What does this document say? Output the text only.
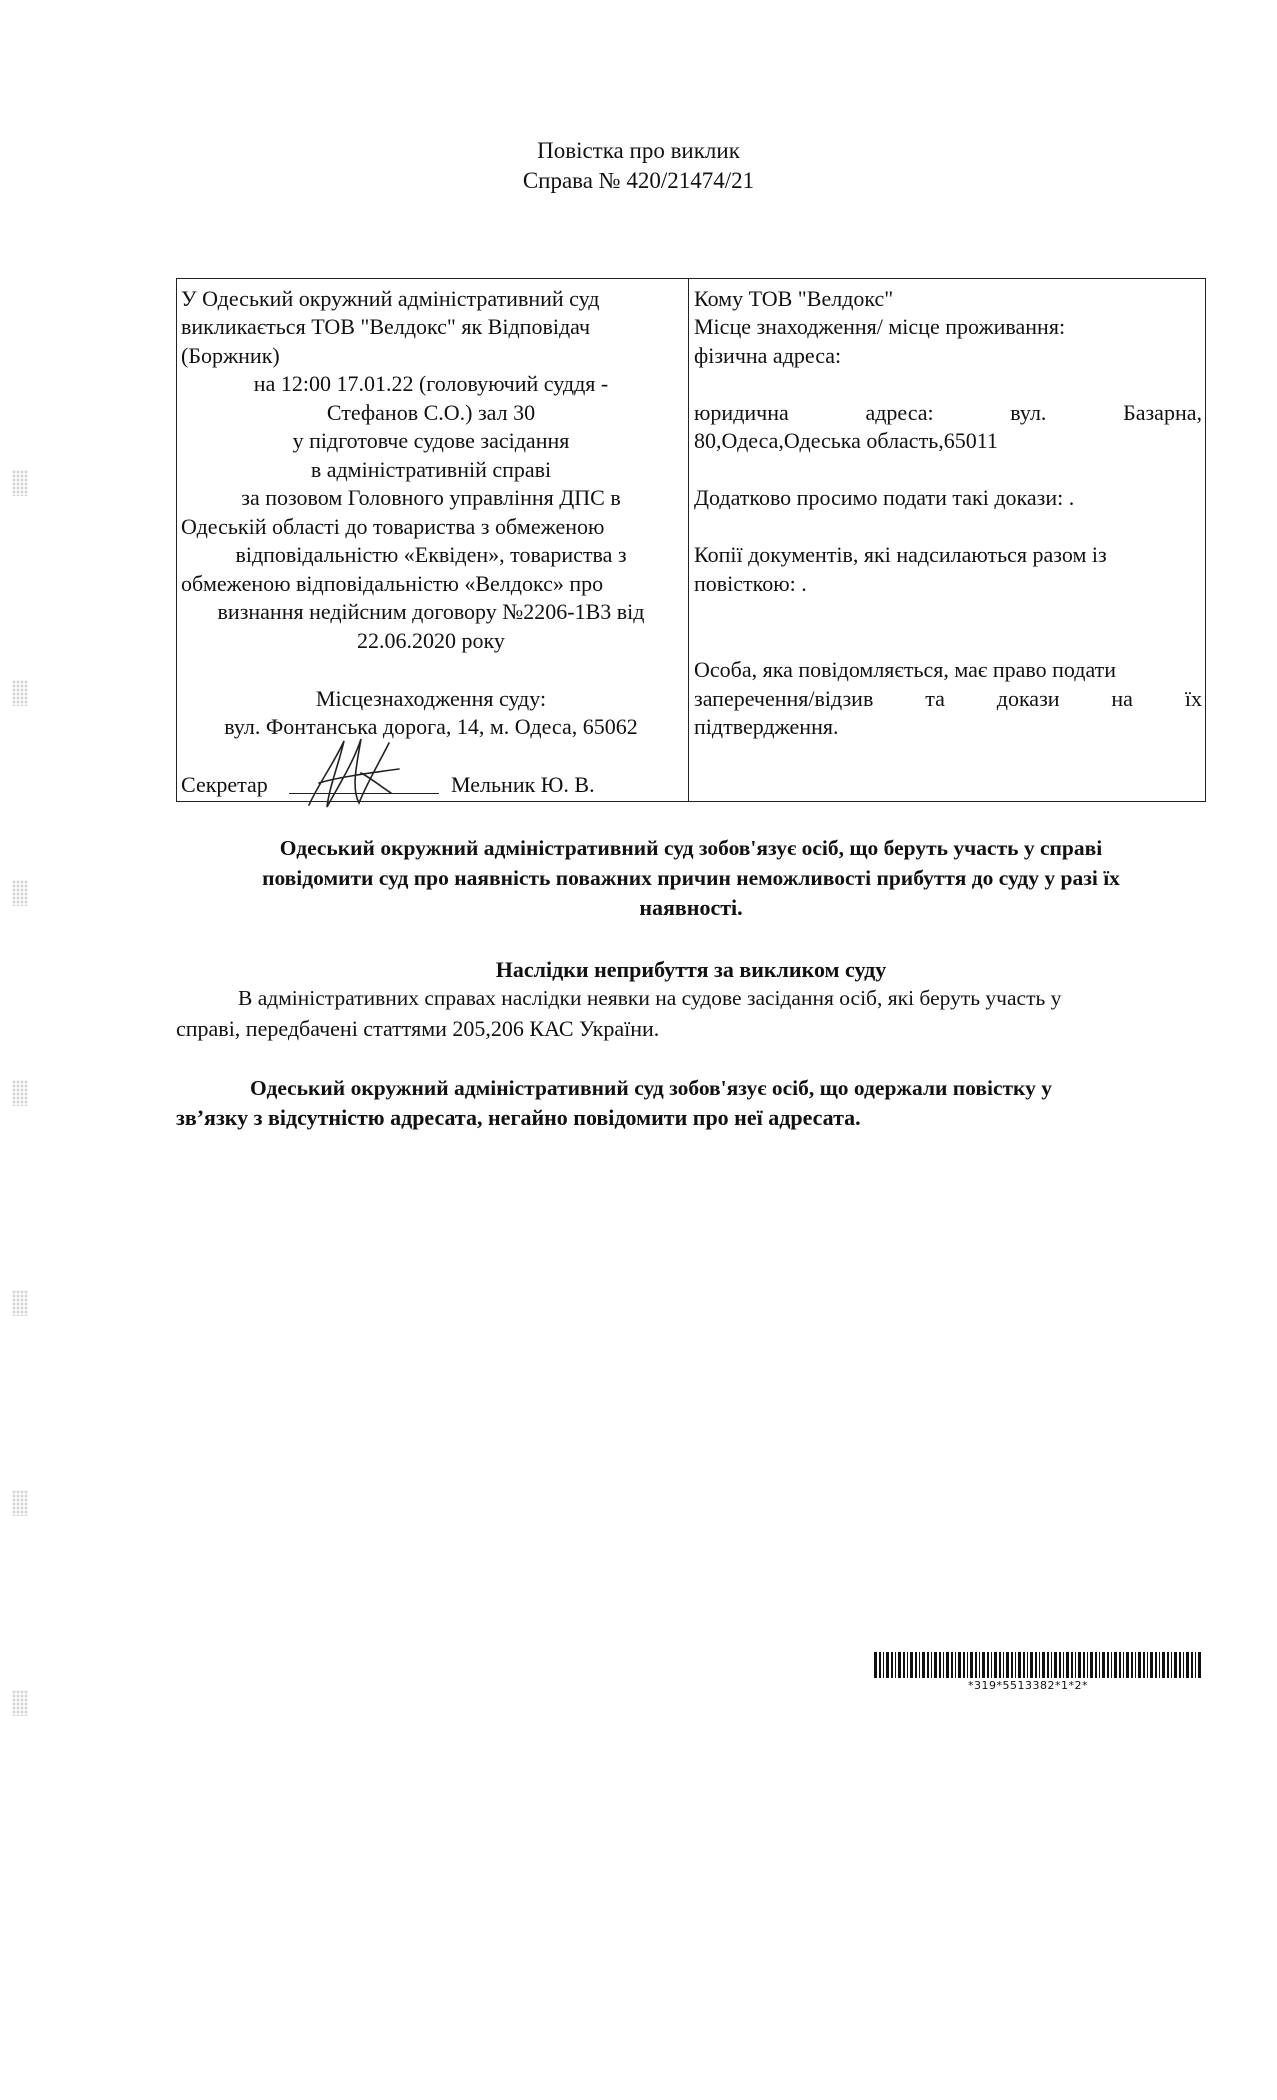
Повістка про виклик
Справа № 420/21474/21
У Одеський окружний адміністративний суд
викликається ТОВ "Велдокс" як Відповідач
(Боржник)
на 12:00 17.01.22 (головуючий суддя -
Стефанов С.О.) зал 30
у підготовче судове засідання
в адміністративній справі
за позовом Головного управління ДПС в
Одеській області до товариства з обмеженою
відповідальністю «Еквіден», товариства з
обмеженою відповідальністю «Велдокс» про
визнання недійсним договору №2206-1В3 від
22.06.2020 року
Місцезнаходження суду:
вул. Фонтанська дорога, 14, м. Одеса, 65062
Секретар	Мельник Ю. В.
Кому ТОВ "Велдокс"
Місце знаходження/ місце проживання:
фізична адреса:
юридична	адреса:	вул.	Базарна,
80,Одеса,Одеська область,65011
Додатково просимо подати такі докази: .
Копії документів, які надсилаються разом із
повісткою: .
Особа, яка повідомляється, має право подати
заперечення/відзив та докази на їх
підтвердження.
Одеський окружний адміністративний суд зобов'язує осіб, що беруть участь у справі
повідомити суд про наявність поважних причин неможливості прибуття до суду у разі їх
наявності.
Наслідки неприбуття за викликом суду
В адміністративних справах наслідки неявки на судове засідання осіб, які беруть участь у
справі, передбачені статтями 205,206 КАС України.
Одеський окружний адміністративний суд зобов'язує осіб, що одержали повістку у
зв’язку з відсутністю адресата, негайно повідомити про неї адресата.
*319*5513382*1*2*
